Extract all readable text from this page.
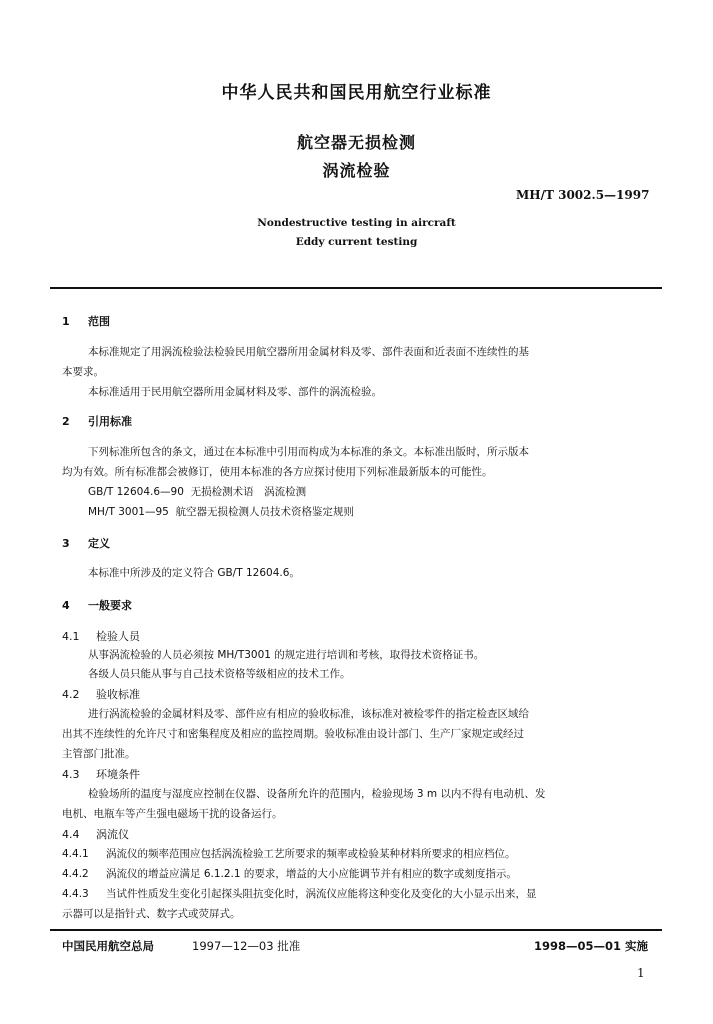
中华人民共和国民用航空行业标准
航空器无损检测
涡流检验
MH/T 3002.5—1997
Nondestructive testing in aircraft
Eddy current testing
1 范围
本标准规定了用涡流检验法检验民用航空器所用金属材料及零、部件表面和近表面不连续性的基
本要求。
本标准适用于民用航空器所用金属材料及零、部件的涡流检验。
2 引用标准
下列标准所包含的条文，通过在本标准中引用而构成为本标准的条文。本标准出版时，所示版本
均为有效。所有标准都会被修订，使用本标准的各方应探讨使用下列标准最新版本的可能性。
GB/T 12604.6—90 无损检测术语　涡流检测
MH/T 3001—95 航空器无损检测人员技术资格鉴定规则
3 定义
本标准中所涉及的定义符合 GB/T 12604.6。
4 一般要求
4.1 检验人员
从事涡流检验的人员必须按 MH/T3001 的规定进行培训和考核，取得技术资格证书。
各级人员只能从事与自己技术资格等级相应的技术工作。
4.2 验收标准
进行涡流检验的金属材料及零、部件应有相应的验收标准，该标准对被检零件的指定检查区域给
出其不连续性的允许尺寸和密集程度及相应的监控周期。验收标准由设计部门、生产厂家规定或经过
主管部门批准。
4.3 环境条件
检验场所的温度与湿度应控制在仪器、设备所允许的范围内，检验现场 3 m 以内不得有电动机、发
电机、电瓶车等产生强电磁场干扰的设备运行。
4.4 涡流仪
4.4.1 涡流仪的频率范围应包括涡流检验工艺所要求的频率或检验某种材料所要求的相应档位。
4.4.2 涡流仪的增益应满足 6.1.2.1 的要求，增益的大小应能调节并有相应的数字或刻度指示。
4.4.3 当试件性质发生变化引起探头阻抗变化时，涡流仪应能将这种变化及变化的大小显示出来，显
示器可以是指针式、数字式或荧屏式。
中国民用航空总局	1997—12—03 批准	1998—05—01 实施
1
